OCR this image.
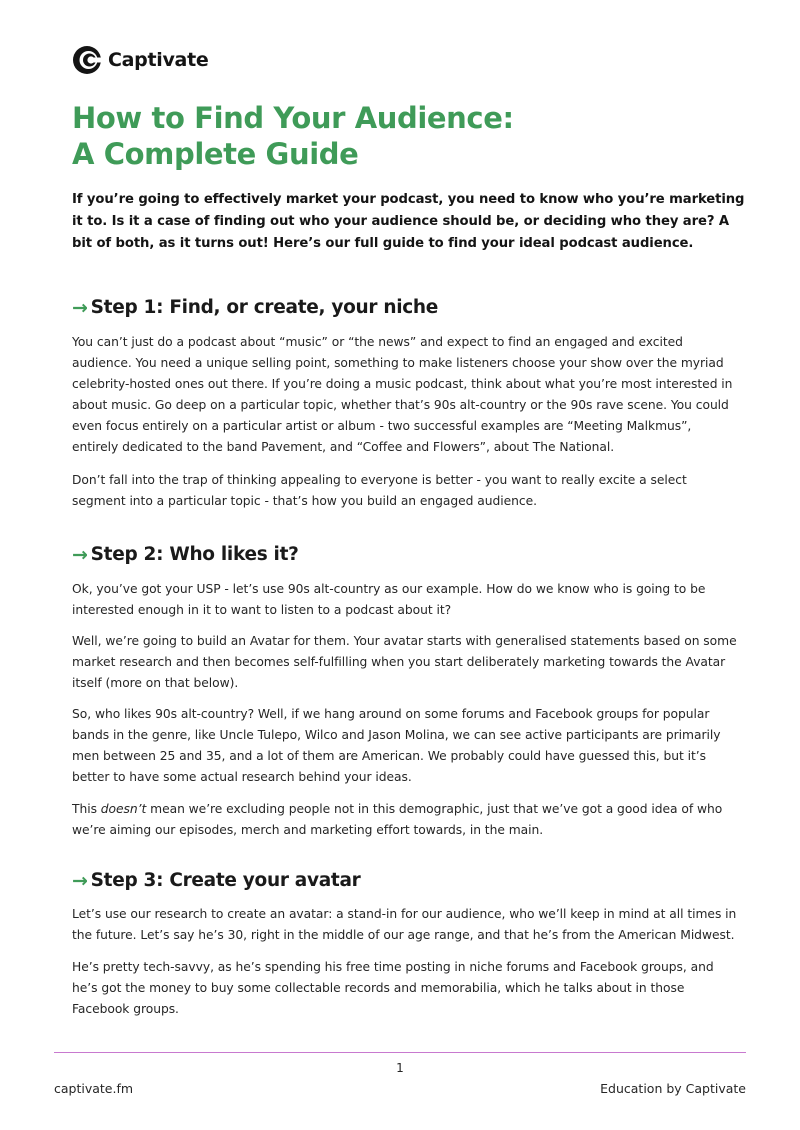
Captivate
How to Find Your Audience:
A Complete Guide

If you’re going to effectively market your podcast, you need to know who you’re marketing it to. Is it a case of finding out who your audience should be, or deciding who they are? A bit of both, as it turns out! Here’s our full guide to find your ideal podcast audience.

→ Step 1: Find, or create, your niche

You can’t just do a podcast about “music” or “the news” and expect to find an engaged and excited audience. You need a unique selling point, something to make listeners choose your show over the myriad celebrity-hosted ones out there. If you’re doing a music podcast, think about what you’re most interested in about music. Go deep on a particular topic, whether that’s 90s alt-country or the 90s rave scene. You could even focus entirely on a particular artist or album - two successful examples are “Meeting Malkmus”, entirely dedicated to the band Pavement, and “Coffee and Flowers”, about The National.

Don’t fall into the trap of thinking appealing to everyone is better - you want to really excite a select segment into a particular topic - that’s how you build an engaged audience.

→ Step 2: Who likes it?

Ok, you’ve got your USP - let’s use 90s alt-country as our example. How do we know who is going to be interested enough in it to want to listen to a podcast about it?

Well, we’re going to build an Avatar for them. Your avatar starts with generalised statements based on some market research and then becomes self-fulfilling when you start deliberately marketing towards the Avatar itself (more on that below).

So, who likes 90s alt-country? Well, if we hang around on some forums and Facebook groups for popular bands in the genre, like Uncle Tulepo, Wilco and Jason Molina, we can see active participants are primarily men between 25 and 35, and a lot of them are American. We probably could have guessed this, but it’s better to have some actual research behind your ideas.

This doesn’t mean we’re excluding people not in this demographic, just that we’ve got a good idea of who we’re aiming our episodes, merch and marketing effort towards, in the main.

→ Step 3: Create your avatar

Let’s use our research to create an avatar: a stand-in for our audience, who we’ll keep in mind at all times in the future. Let’s say he’s 30, right in the middle of our age range, and that he’s from the American Midwest.

He’s pretty tech-savvy, as he’s spending his free time posting in niche forums and Facebook groups, and he’s got the money to buy some collectable records and memorabilia, which he talks about in those Facebook groups.

1
captivate.fm	Education by Captivate
